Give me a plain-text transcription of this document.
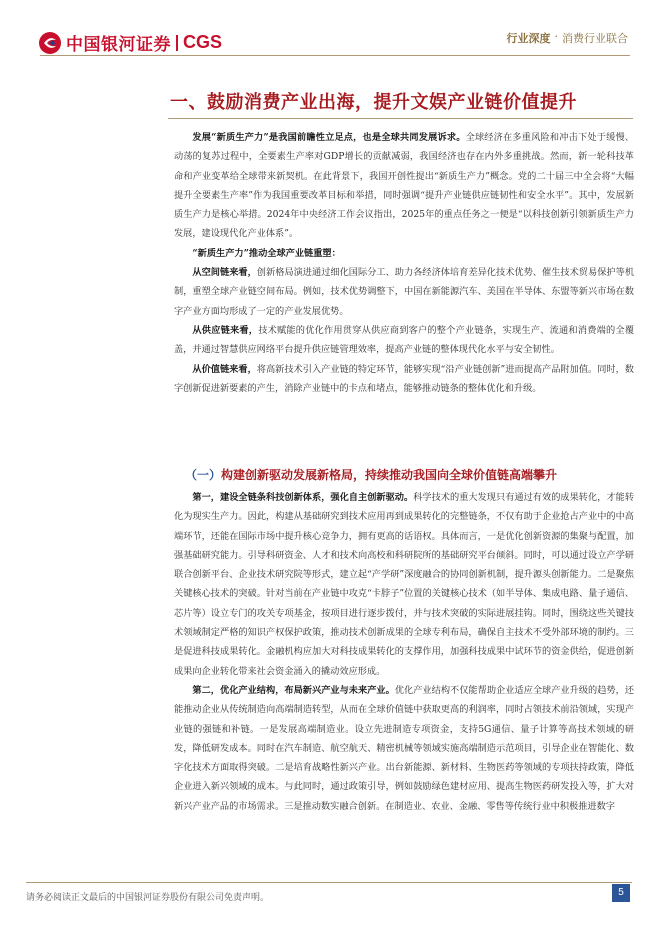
中国银河证券 CGS	行业深度 · 消费行业联合
一、鼓励消费产业出海，提升文娱产业链价值提升

发展“新质生产力”是我国前瞻性立足点，也是全球共同发展诉求。全球经济在多重风险和冲击下处于缓慢、动荡的复苏过程中，全要素生产率对GDP增长的贡献减弱，我国经济也存在内外多重挑战。然而，新一轮科技革命和产业变革给全球带来新契机。在此背景下，我国开创性提出“新质生产力”概念。党的二十届三中全会将“大幅提升全要素生产率”作为我国重要改革目标和举措，同时强调“提升产业链供应链韧性和安全水平”。其中，发展新质生产力是核心举措。2024年中央经济工作会议指出，2025年的重点任务之一便是“以科技创新引领新质生产力发展，建设现代化产业体系”。

“新质生产力”推动全球产业链重塑：

从空间链来看，创新格局演进通过细化国际分工、助力各经济体培育差异化技术优势、催生技术贸易保护等机制，重塑全球产业链空间布局。例如，技术优势调整下，中国在新能源汽车、美国在半导体、东盟等新兴市场在数字产业方面均形成了一定的产业发展优势。

从供应链来看，技术赋能的优化作用贯穿从供应商到客户的整个产业链条，实现生产、流通和消费端的全覆盖，并通过智慧供应网络平台提升供应链管理效率，提高产业链的整体现代化水平与安全韧性。

从价值链来看，将高新技术引入产业链的特定环节，能够实现“沿产业链创新”进而提高产品附加值。同时，数字创新促进新要素的产生，消除产业链中的卡点和堵点，能够推动链条的整体优化和升级。

（一）构建创新驱动发展新格局，持续推动我国向全球价值链高端攀升

第一，建设全链条科技创新体系，强化自主创新驱动。科学技术的重大发现只有通过有效的成果转化，才能转化为现实生产力。因此，构建从基础研究到技术应用再到成果转化的完整链条，不仅有助于企业抢占产业中的中高端环节，还能在国际市场中提升核心竞争力，拥有更高的话语权。具体而言，一是优化创新资源的集聚与配置，加强基础研究能力。引导科研资金、人才和技术向高校和科研院所的基础研究平台倾斜。同时，可以通过设立产学研联合创新平台、企业技术研究院等形式，建立起“产学研”深度融合的协同创新机制，提升源头创新能力。二是聚焦关键核心技术的突破。针对当前在产业链中攻克“卡脖子”位置的关键核心技术（如半导体、集成电路、量子通信、芯片等）设立专门的攻关专项基金，按项目进行逐步拨付，并与技术突破的实际进展挂钩。同时，围绕这些关键技术领域制定严格的知识产权保护政策，推动技术创新成果的全球专利布局，确保自主技术不受外部环境的制约。三是促进科技成果转化。金融机构应加大对科技成果转化的支撑作用，加强科技成果中试环节的资金供给，促进创新成果向企业转化带来社会资金涌入的撬动效应形成。

第二，优化产业结构，布局新兴产业与未来产业。优化产业结构不仅能帮助企业适应全球产业升级的趋势，还能推动企业从传统制造向高端制造转型，从而在全球价值链中获取更高的利润率，同时占领技术前沿领域，实现产业链的强链和补链。一是发展高端制造业。设立先进制造专项资金，支持5G通信、量子计算等高技术领域的研发，降低研发成本。同时在汽车制造、航空航天、精密机械等领域实施高端制造示范项目，引导企业在智能化、数字化技术方面取得突破。二是培育战略性新兴产业。出台新能源、新材料、生物医药等领域的专项扶持政策，降低企业进入新兴领域的成本。与此同时，通过政策引导，例如鼓励绿色建材应用、提高生物医药研发投入等，扩大对新兴产业产品的市场需求。三是推动数实融合创新。在制造业、农业、金融、零售等传统行业中积极推进数字

请务必阅读正文最后的中国银河证券股份有限公司免责声明。	5
